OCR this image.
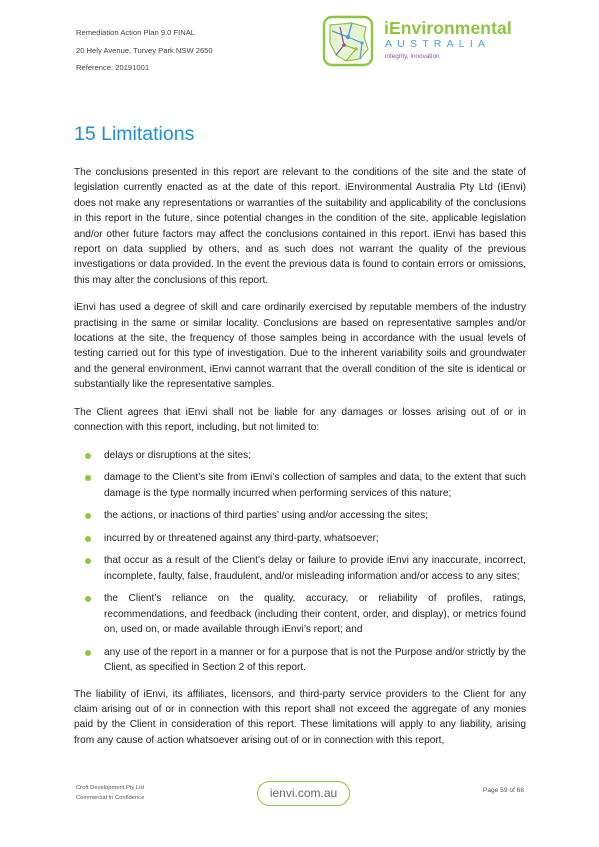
Remediation Action Plan 9.0 FINAL
20 Hely Avenue, Turvey Park NSW 2650
Reference: 20191001
iEnvironmental
AUSTRALIA
integrity, innovation
15 Limitations

The conclusions presented in this report are relevant to the conditions of the site and the state of legislation currently enacted as at the date of this report. iEnvironmental Australia Pty Ltd (iEnvi) does not make any representations or warranties of the suitability and applicability of the conclusions in this report in the future, since potential changes in the condition of the site, applicable legislation and/or other future factors may affect the conclusions contained in this report. iEnvi has based this report on data supplied by others, and as such does not warrant the quality of the previous investigations or data provided. In the event the previous data is found to contain errors or omissions, this may alter the conclusions of this report.

iEnvi has used a degree of skill and care ordinarily exercised by reputable members of the industry practising in the same or similar locality. Conclusions are based on representative samples and/or locations at the site, the frequency of those samples being in accordance with the usual levels of testing carried out for this type of investigation. Due to the inherent variability soils and groundwater and the general environment, iEnvi cannot warrant that the overall condition of the site is identical or substantially like the representative samples.

The Client agrees that iEnvi shall not be liable for any damages or losses arising out of or in connection with this report, including, but not limited to:

delays or disruptions at the sites;
damage to the Client’s site from iEnvi’s collection of samples and data, to the extent that such damage is the type normally incurred when performing services of this nature;
the actions, or inactions of third parties’ using and/or accessing the sites;
incurred by or threatened against any third-party, whatsoever;
that occur as a result of the Client’s delay or failure to provide iEnvi any inaccurate, incorrect, incomplete, faulty, false, fraudulent, and/or misleading information and/or access to any sites;
the Client’s reliance on the quality, accuracy, or reliability of profiles, ratings, recommendations, and feedback (including their content, order, and display), or metrics found on, used on, or made available through iEnvi’s report; and
any use of the report in a manner or for a purpose that is not the Purpose and/or strictly by the Client, as specified in Section 2 of this report.

The liability of iEnvi, its affiliates, licensors, and third-party service providers to the Client for any claim arising out of or in connection with this report shall not exceed the aggregate of any monies paid by the Client in consideration of this report. These limitations will apply to any liability, arising from any cause of action whatsoever arising out of or in connection with this report,

Croft Development Pty Ltd
Commercial In Confidence	ienvi.com.au	Page 59 of 68
